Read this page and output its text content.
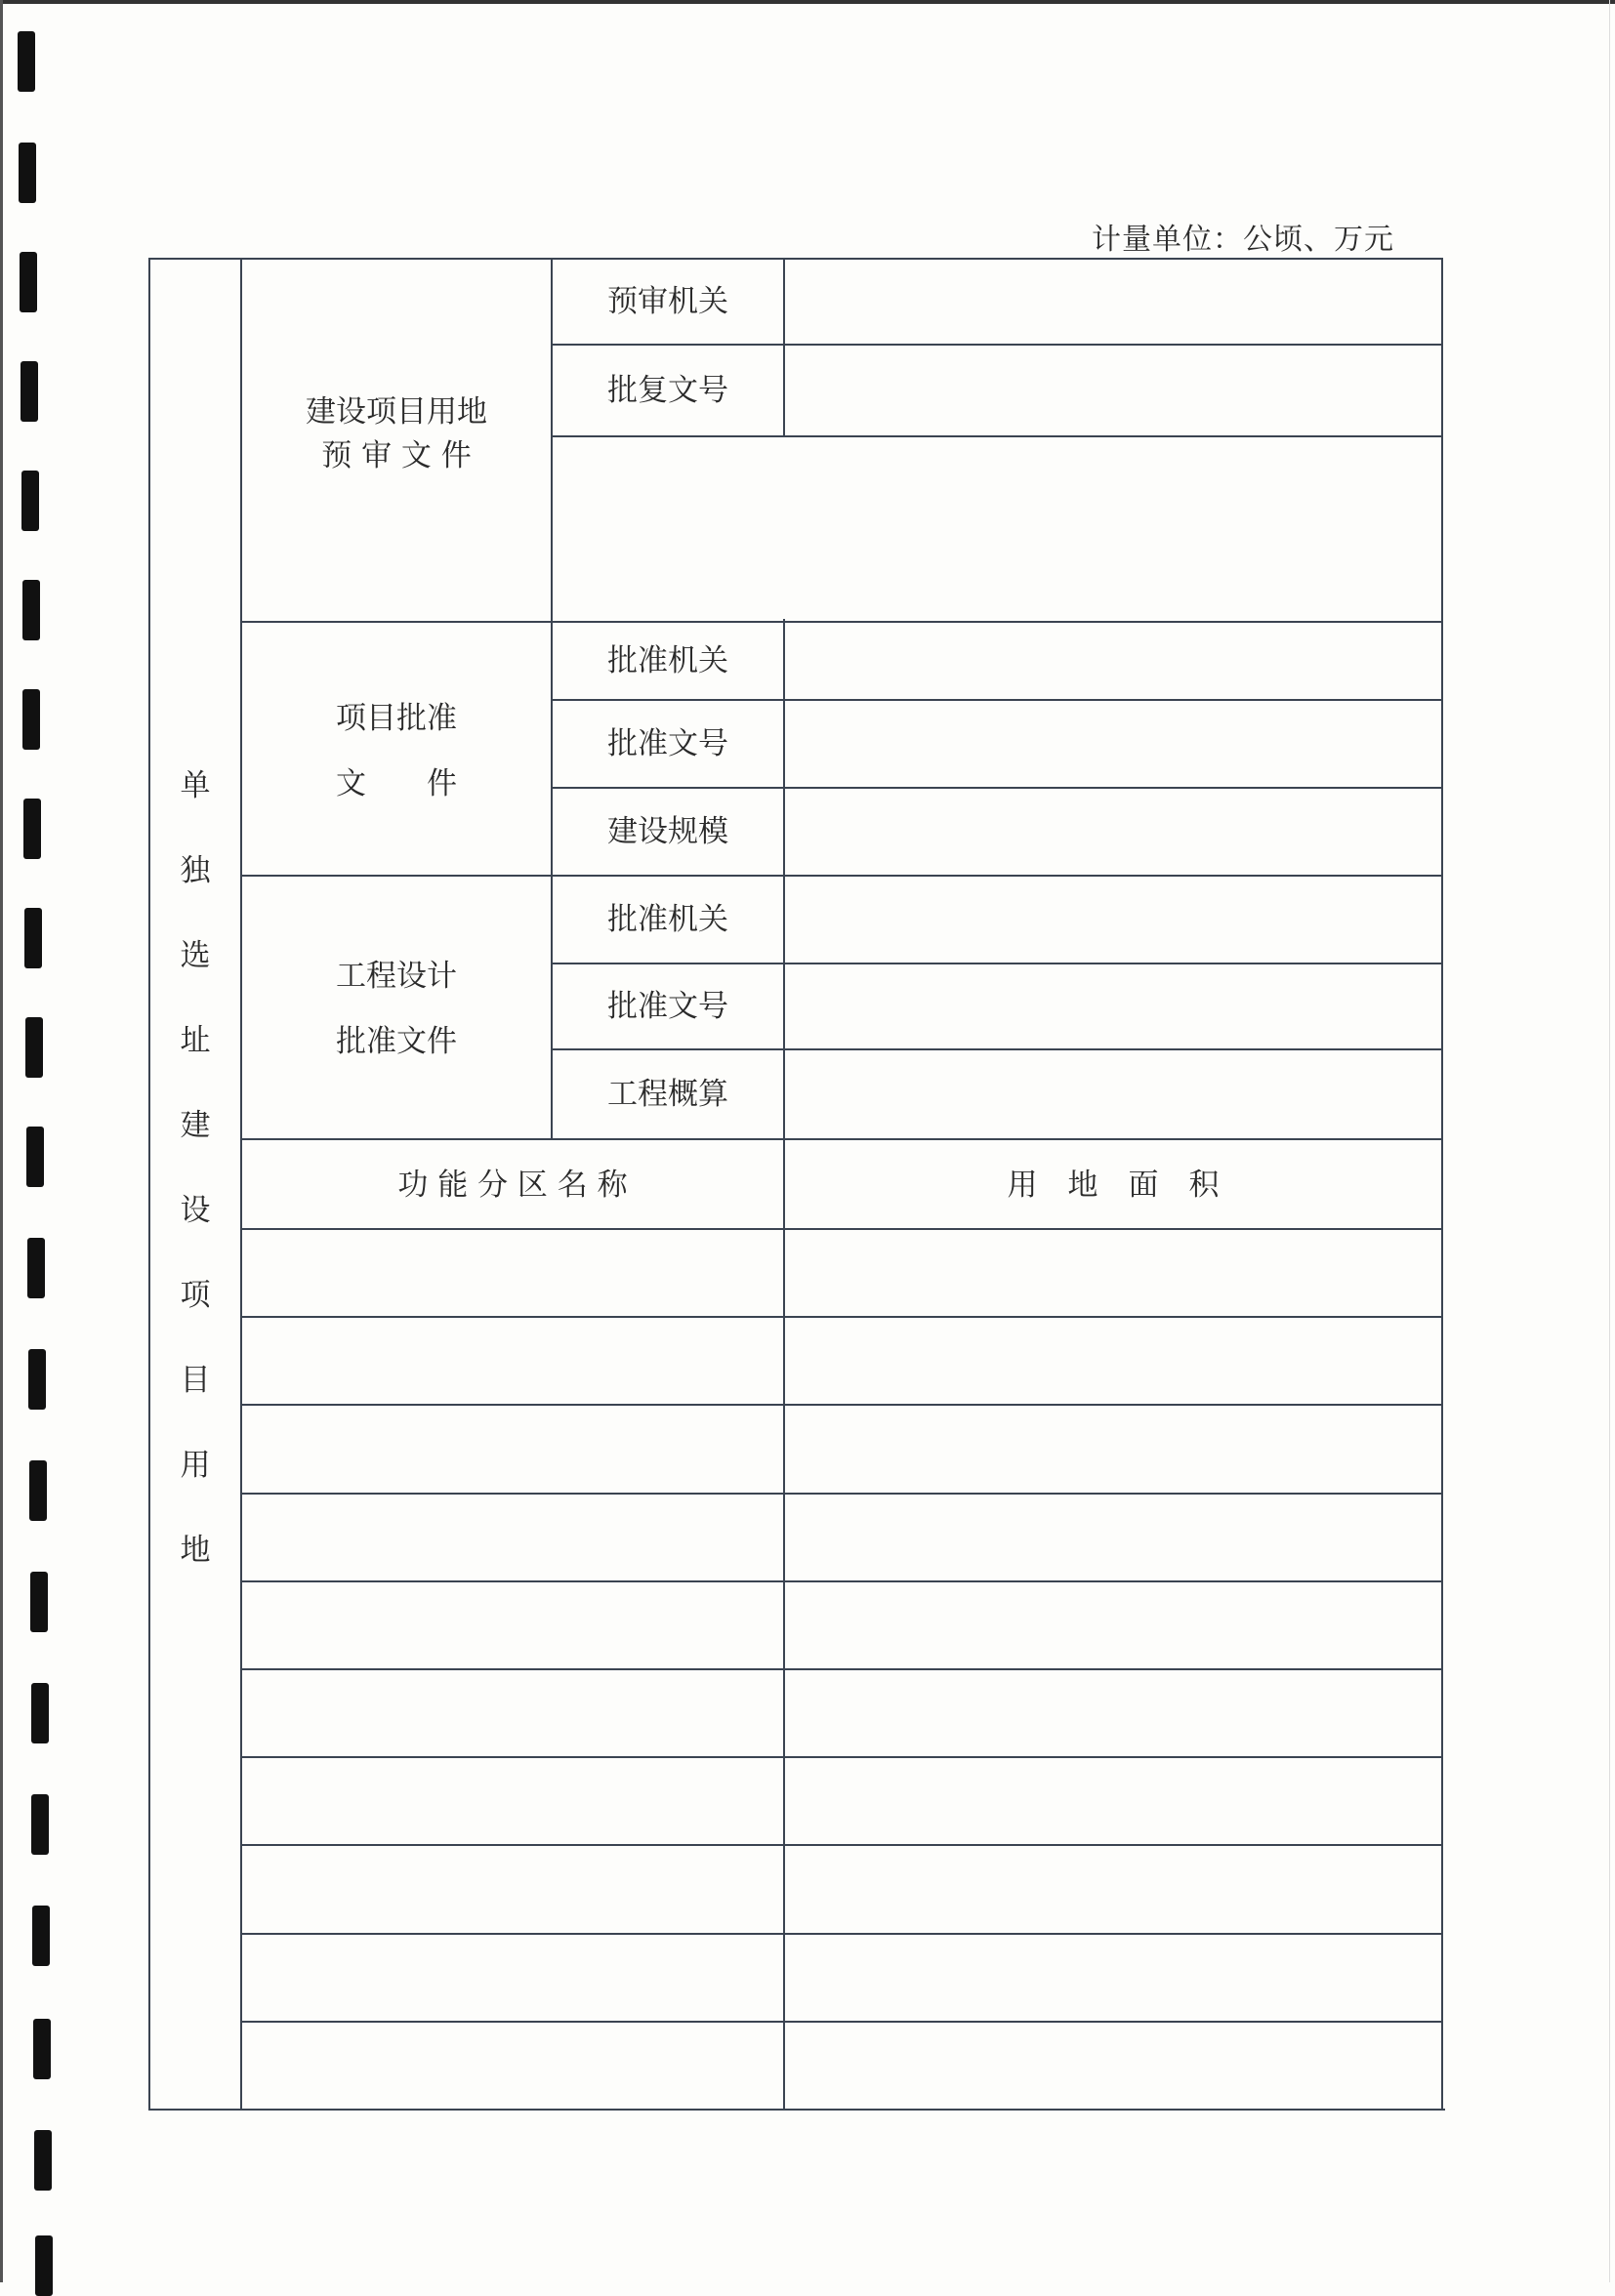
计量单位：公顷、万元
单
独
选
址
建
设
项
目
用
地
建设项目用地
预 审 文 件
项目批准
文　　件
工程设计
批准文件
预审机关
批复文号
批准机关
批准文号
建设规模
批准机关
批准文号
工程概算
功 能 分 区 名 称	用　地　面　积
